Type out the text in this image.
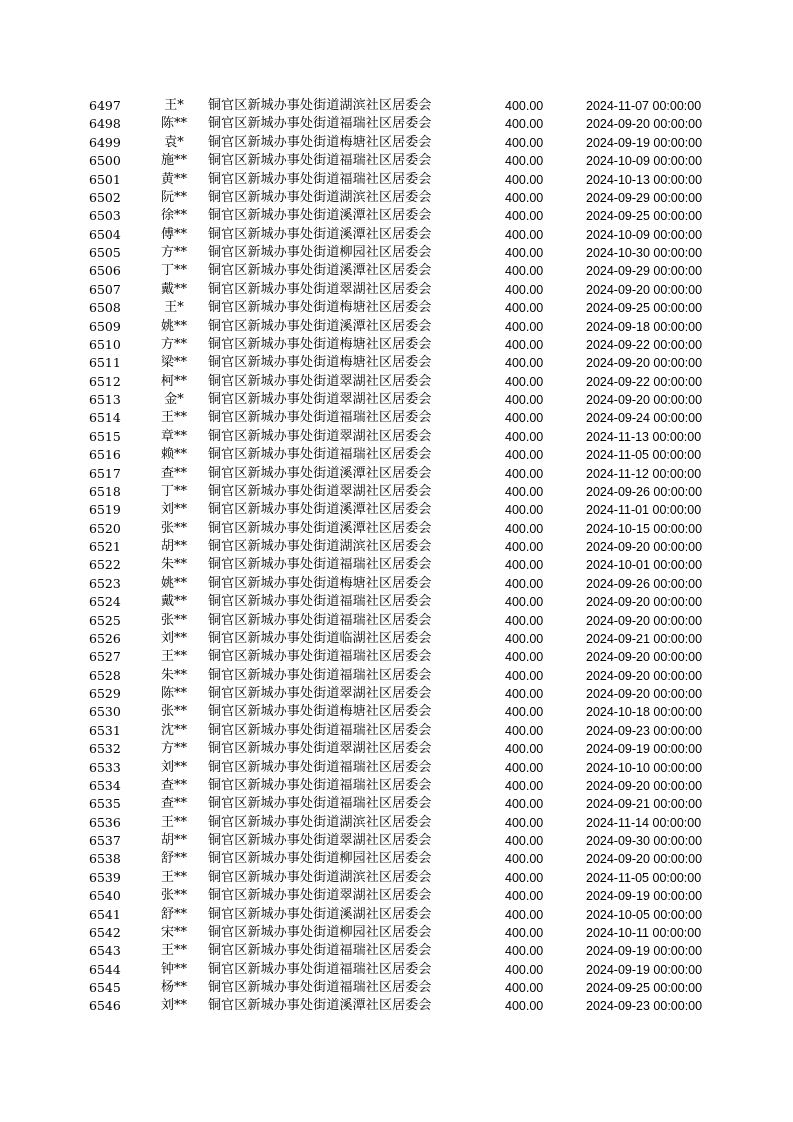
6497	王*	铜官区新城办事处街道湖滨社区居委会	400.00	2024-11-07 00:00:00
6498	陈**	铜官区新城办事处街道福瑞社区居委会	400.00	2024-09-20 00:00:00
6499	袁*	铜官区新城办事处街道梅塘社区居委会	400.00	2024-09-19 00:00:00
6500	施**	铜官区新城办事处街道福瑞社区居委会	400.00	2024-10-09 00:00:00
6501	黄**	铜官区新城办事处街道福瑞社区居委会	400.00	2024-10-13 00:00:00
6502	阮**	铜官区新城办事处街道湖滨社区居委会	400.00	2024-09-29 00:00:00
6503	徐**	铜官区新城办事处街道溪潭社区居委会	400.00	2024-09-25 00:00:00
6504	傅**	铜官区新城办事处街道溪潭社区居委会	400.00	2024-10-09 00:00:00
6505	方**	铜官区新城办事处街道柳园社区居委会	400.00	2024-10-30 00:00:00
6506	丁**	铜官区新城办事处街道溪潭社区居委会	400.00	2024-09-29 00:00:00
6507	戴**	铜官区新城办事处街道翠湖社区居委会	400.00	2024-09-20 00:00:00
6508	王*	铜官区新城办事处街道梅塘社区居委会	400.00	2024-09-25 00:00:00
6509	姚**	铜官区新城办事处街道溪潭社区居委会	400.00	2024-09-18 00:00:00
6510	方**	铜官区新城办事处街道梅塘社区居委会	400.00	2024-09-22 00:00:00
6511	梁**	铜官区新城办事处街道梅塘社区居委会	400.00	2024-09-20 00:00:00
6512	柯**	铜官区新城办事处街道翠湖社区居委会	400.00	2024-09-22 00:00:00
6513	金*	铜官区新城办事处街道翠湖社区居委会	400.00	2024-09-20 00:00:00
6514	王**	铜官区新城办事处街道福瑞社区居委会	400.00	2024-09-24 00:00:00
6515	章**	铜官区新城办事处街道翠湖社区居委会	400.00	2024-11-13 00:00:00
6516	赖**	铜官区新城办事处街道福瑞社区居委会	400.00	2024-11-05 00:00:00
6517	查**	铜官区新城办事处街道溪潭社区居委会	400.00	2024-11-12 00:00:00
6518	丁**	铜官区新城办事处街道翠湖社区居委会	400.00	2024-09-26 00:00:00
6519	刘**	铜官区新城办事处街道溪潭社区居委会	400.00	2024-11-01 00:00:00
6520	张**	铜官区新城办事处街道溪潭社区居委会	400.00	2024-10-15 00:00:00
6521	胡**	铜官区新城办事处街道湖滨社区居委会	400.00	2024-09-20 00:00:00
6522	朱**	铜官区新城办事处街道福瑞社区居委会	400.00	2024-10-01 00:00:00
6523	姚**	铜官区新城办事处街道梅塘社区居委会	400.00	2024-09-26 00:00:00
6524	戴**	铜官区新城办事处街道福瑞社区居委会	400.00	2024-09-20 00:00:00
6525	张**	铜官区新城办事处街道福瑞社区居委会	400.00	2024-09-20 00:00:00
6526	刘**	铜官区新城办事处街道临湖社区居委会	400.00	2024-09-21 00:00:00
6527	王**	铜官区新城办事处街道福瑞社区居委会	400.00	2024-09-20 00:00:00
6528	朱**	铜官区新城办事处街道福瑞社区居委会	400.00	2024-09-20 00:00:00
6529	陈**	铜官区新城办事处街道翠湖社区居委会	400.00	2024-09-20 00:00:00
6530	张**	铜官区新城办事处街道梅塘社区居委会	400.00	2024-10-18 00:00:00
6531	沈**	铜官区新城办事处街道福瑞社区居委会	400.00	2024-09-23 00:00:00
6532	方**	铜官区新城办事处街道翠湖社区居委会	400.00	2024-09-19 00:00:00
6533	刘**	铜官区新城办事处街道福瑞社区居委会	400.00	2024-10-10 00:00:00
6534	查**	铜官区新城办事处街道福瑞社区居委会	400.00	2024-09-20 00:00:00
6535	查**	铜官区新城办事处街道福瑞社区居委会	400.00	2024-09-21 00:00:00
6536	王**	铜官区新城办事处街道湖滨社区居委会	400.00	2024-11-14 00:00:00
6537	胡**	铜官区新城办事处街道翠湖社区居委会	400.00	2024-09-30 00:00:00
6538	舒**	铜官区新城办事处街道柳园社区居委会	400.00	2024-09-20 00:00:00
6539	王**	铜官区新城办事处街道湖滨社区居委会	400.00	2024-11-05 00:00:00
6540	张**	铜官区新城办事处街道翠湖社区居委会	400.00	2024-09-19 00:00:00
6541	舒**	铜官区新城办事处街道溪湖社区居委会	400.00	2024-10-05 00:00:00
6542	宋**	铜官区新城办事处街道柳园社区居委会	400.00	2024-10-11 00:00:00
6543	王**	铜官区新城办事处街道福瑞社区居委会	400.00	2024-09-19 00:00:00
6544	钟**	铜官区新城办事处街道福瑞社区居委会	400.00	2024-09-19 00:00:00
6545	杨**	铜官区新城办事处街道福瑞社区居委会	400.00	2024-09-25 00:00:00
6546	刘**	铜官区新城办事处街道溪潭社区居委会	400.00	2024-09-23 00:00:00
